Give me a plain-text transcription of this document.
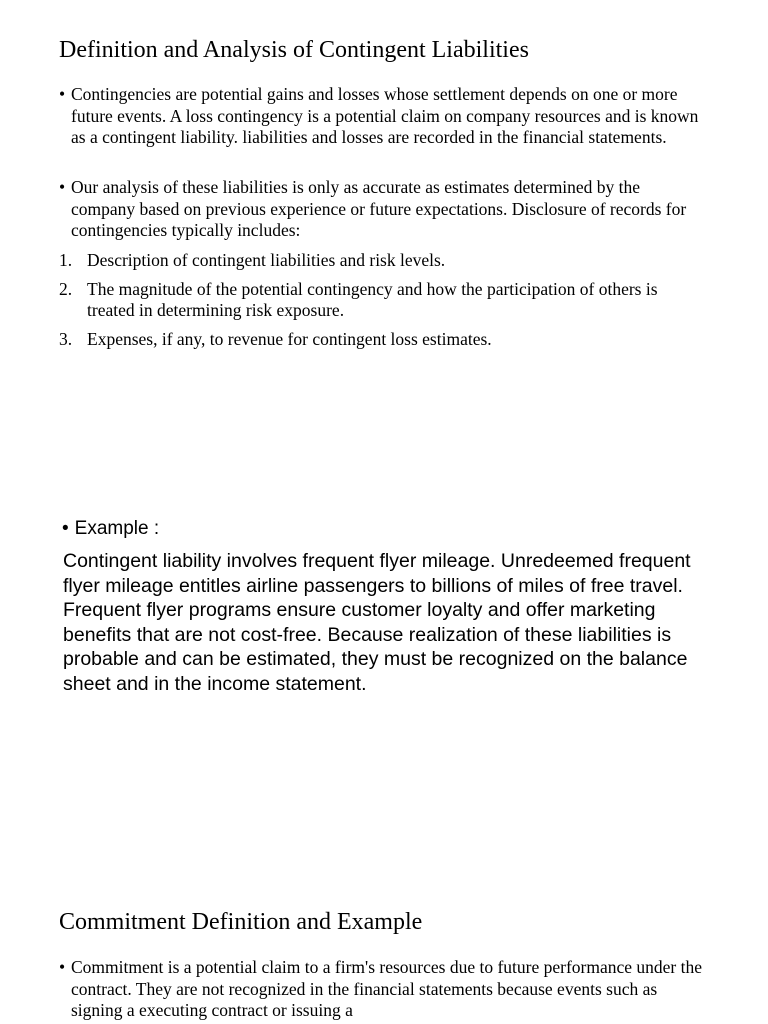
Definition and Analysis of Contingent Liabilities
• Contingencies are potential gains and losses whose settlement depends on one or more future events. A loss contingency is a potential claim on company resources and is known as a contingent liability. liabilities and losses are recorded in the financial statements.
• Our analysis of these liabilities is only as accurate as estimates determined by the company based on previous experience or future expectations. Disclosure of records for contingencies typically includes:
1. Description of contingent liabilities and risk levels.
2. The magnitude of the potential contingency and how the participation of others is treated in determining risk exposure.
3. Expenses, if any, to revenue for contingent loss estimates.
• Example :

Contingent liability involves frequent flyer mileage. Unredeemed frequent flyer mileage entitles airline passengers to billions of miles of free travel. Frequent flyer programs ensure customer loyalty and offer marketing benefits that are not cost-free. Because realization of these liabilities is probable and can be estimated, they must be recognized on the balance sheet and in the income statement.

Commitment Definition and Example
• Commitment is a potential claim to a firm's resources due to future performance under the contract. They are not recognized in the financial statements because events such as signing a executing contract or issuing a
